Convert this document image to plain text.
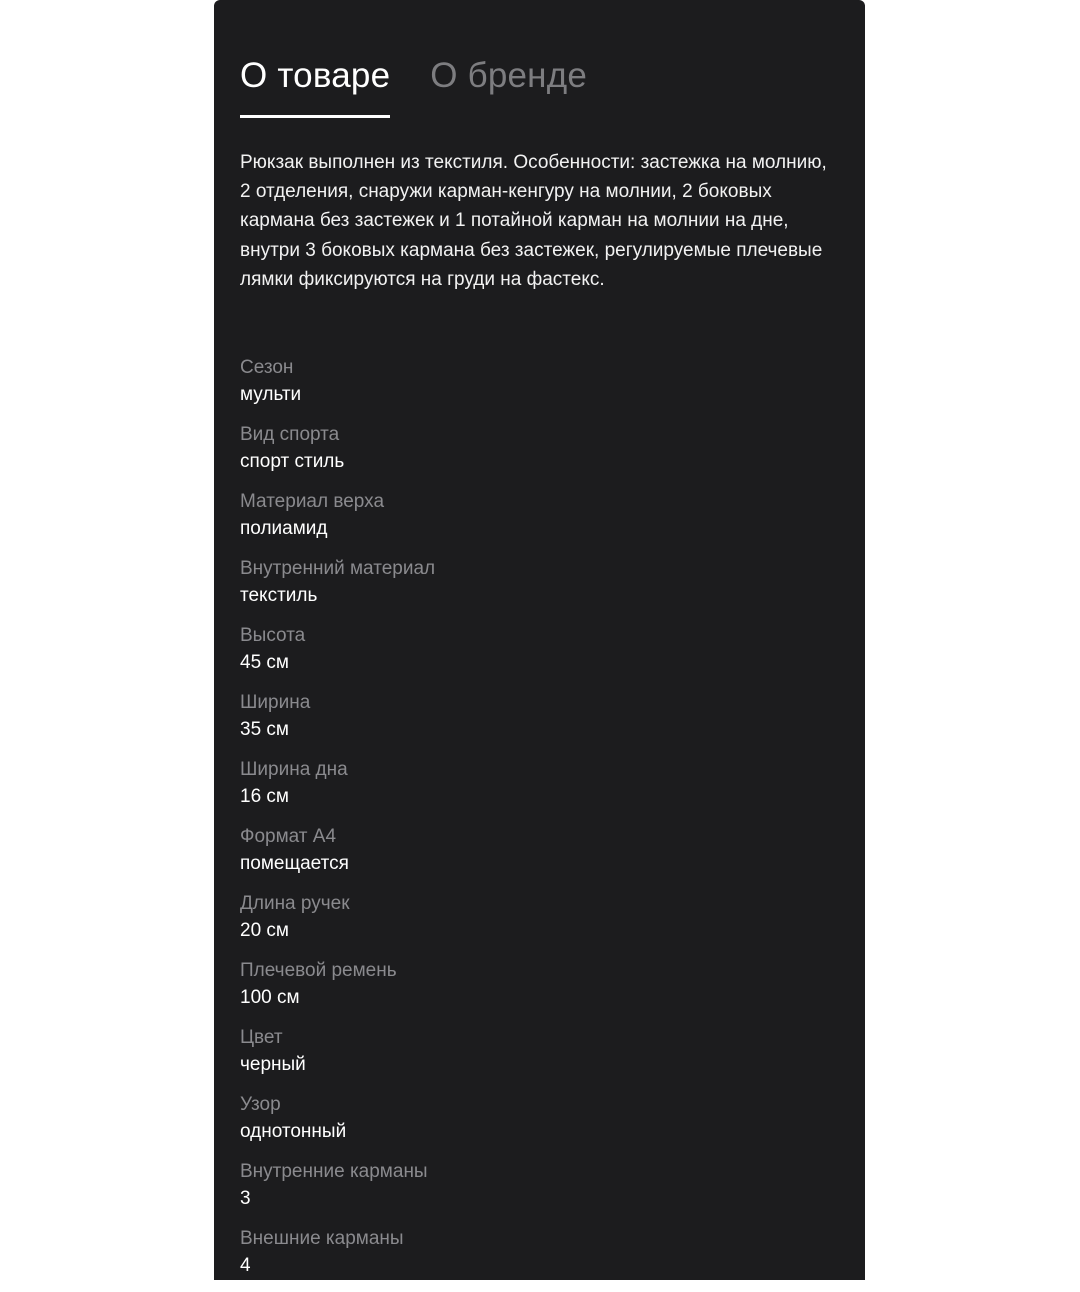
О товаре О бренде

Рюкзак выполнен из текстиля. Особенности: застежка на молнию, 2 отделения, снаружи карман-кенгуру на молнии, 2 боковых кармана без застежек и 1 потайной карман на молнии на дне, внутри 3 боковых кармана без застежек, регулируемые плечевые лямки фиксируются на груди на фастекс.

Сезон
мульти
Вид спорта
спорт стиль
Материал верха
полиамид
Внутренний материал
текстиль
Высота
45 см
Ширина
35 см
Ширина дна
16 см
Формат А4
помещается
Длина ручек
20 см
Плечевой ремень
100 см
Цвет
черный
Узор
однотонный
Внутренние карманы
3
Внешние карманы
4
